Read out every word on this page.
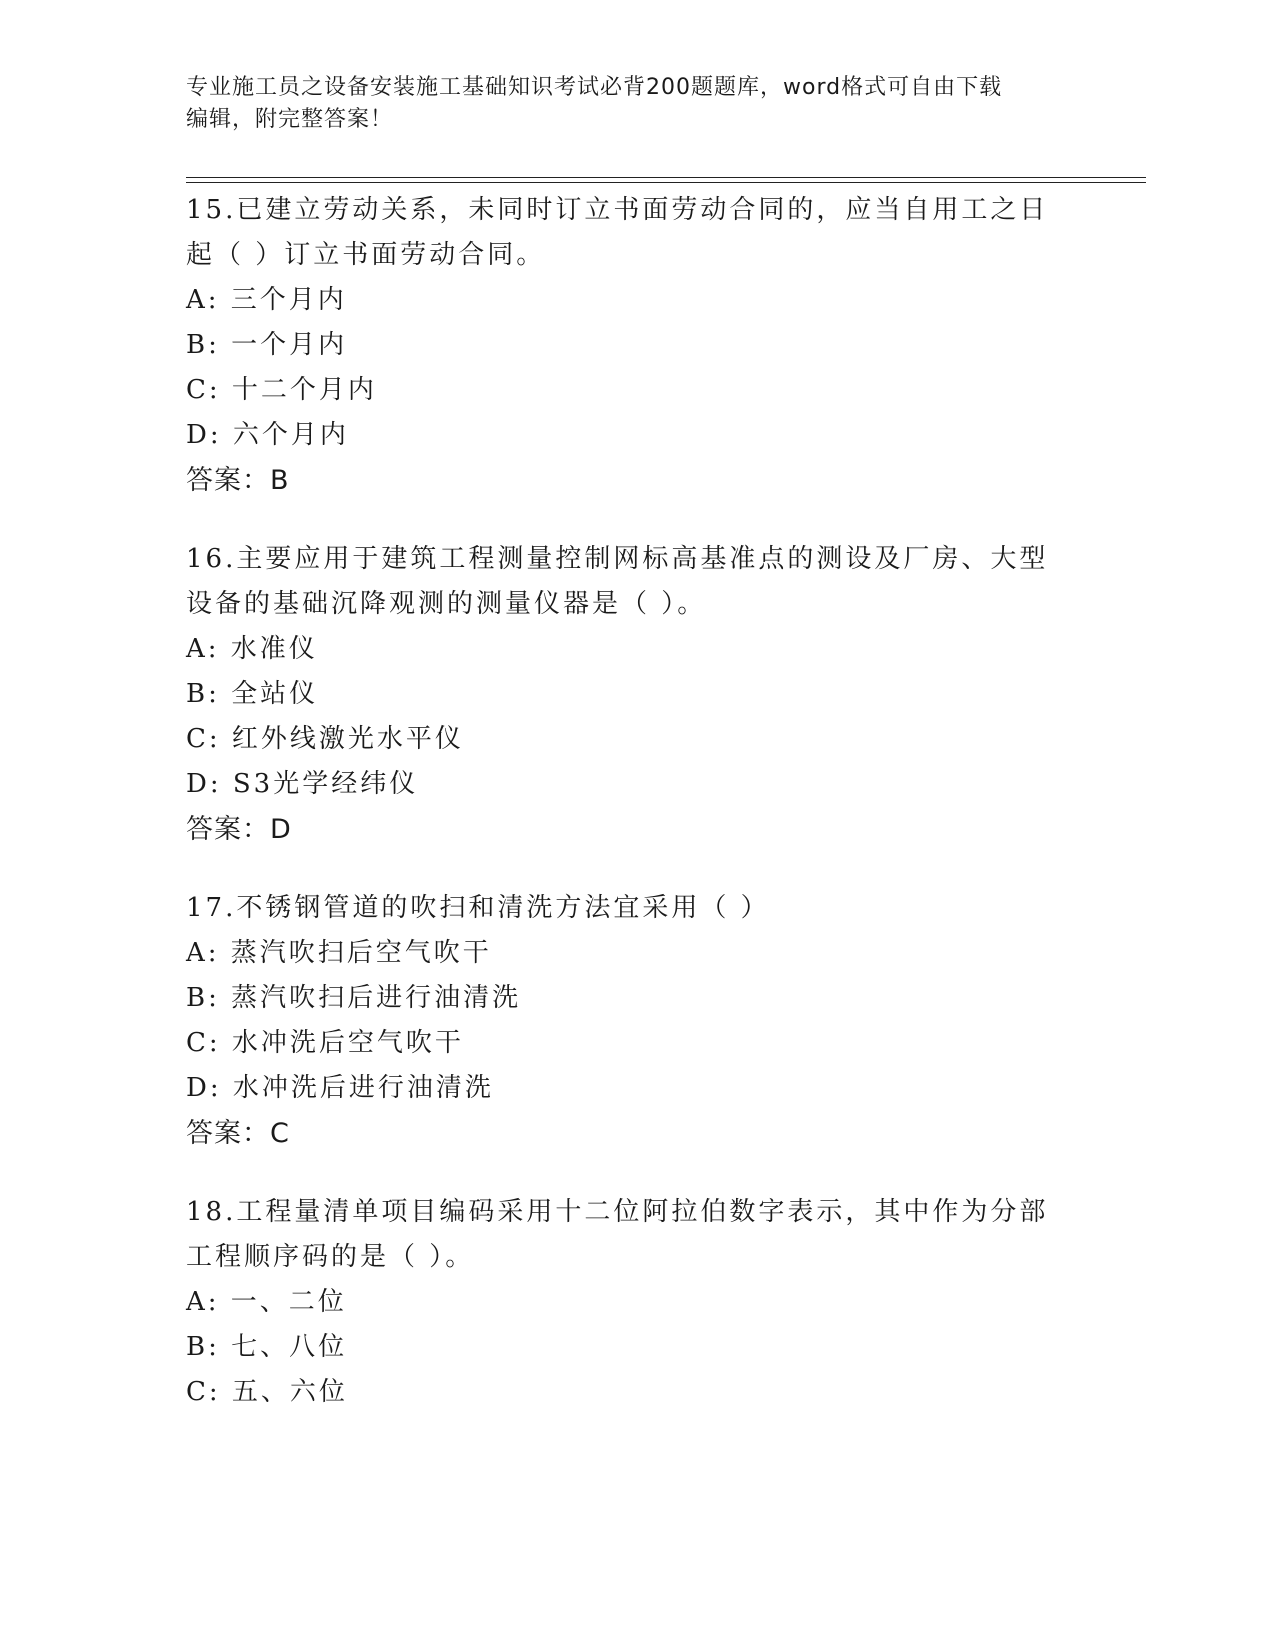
专业施工员之设备安装施工基础知识考试必背200题题库，word格式可自由下载
编辑，附完整答案！

15.已建立劳动关系，未同时订立书面劳动合同的，应当自用工之日起（ ）订立书面劳动合同。

A: 三个月内

B: 一个月内

C: 十二个月内

D: 六个月内

答案：B

16.主要应用于建筑工程测量控制网标高基准点的测设及厂房、大型设备的基础沉降观测的测量仪器是（ ）。

A: 水准仪

B: 全站仪

C: 红外线激光水平仪

D: S3光学经纬仪

答案：D

17.不锈钢管道的吹扫和清洗方法宜采用（ ）

A: 蒸汽吹扫后空气吹干

B: 蒸汽吹扫后进行油清洗

C: 水冲洗后空气吹干

D: 水冲洗后进行油清洗

答案：C

18.工程量清单项目编码采用十二位阿拉伯数字表示，其中作为分部工程顺序码的是（ ）。

A: 一、二位

B: 七、八位

C: 五、六位
